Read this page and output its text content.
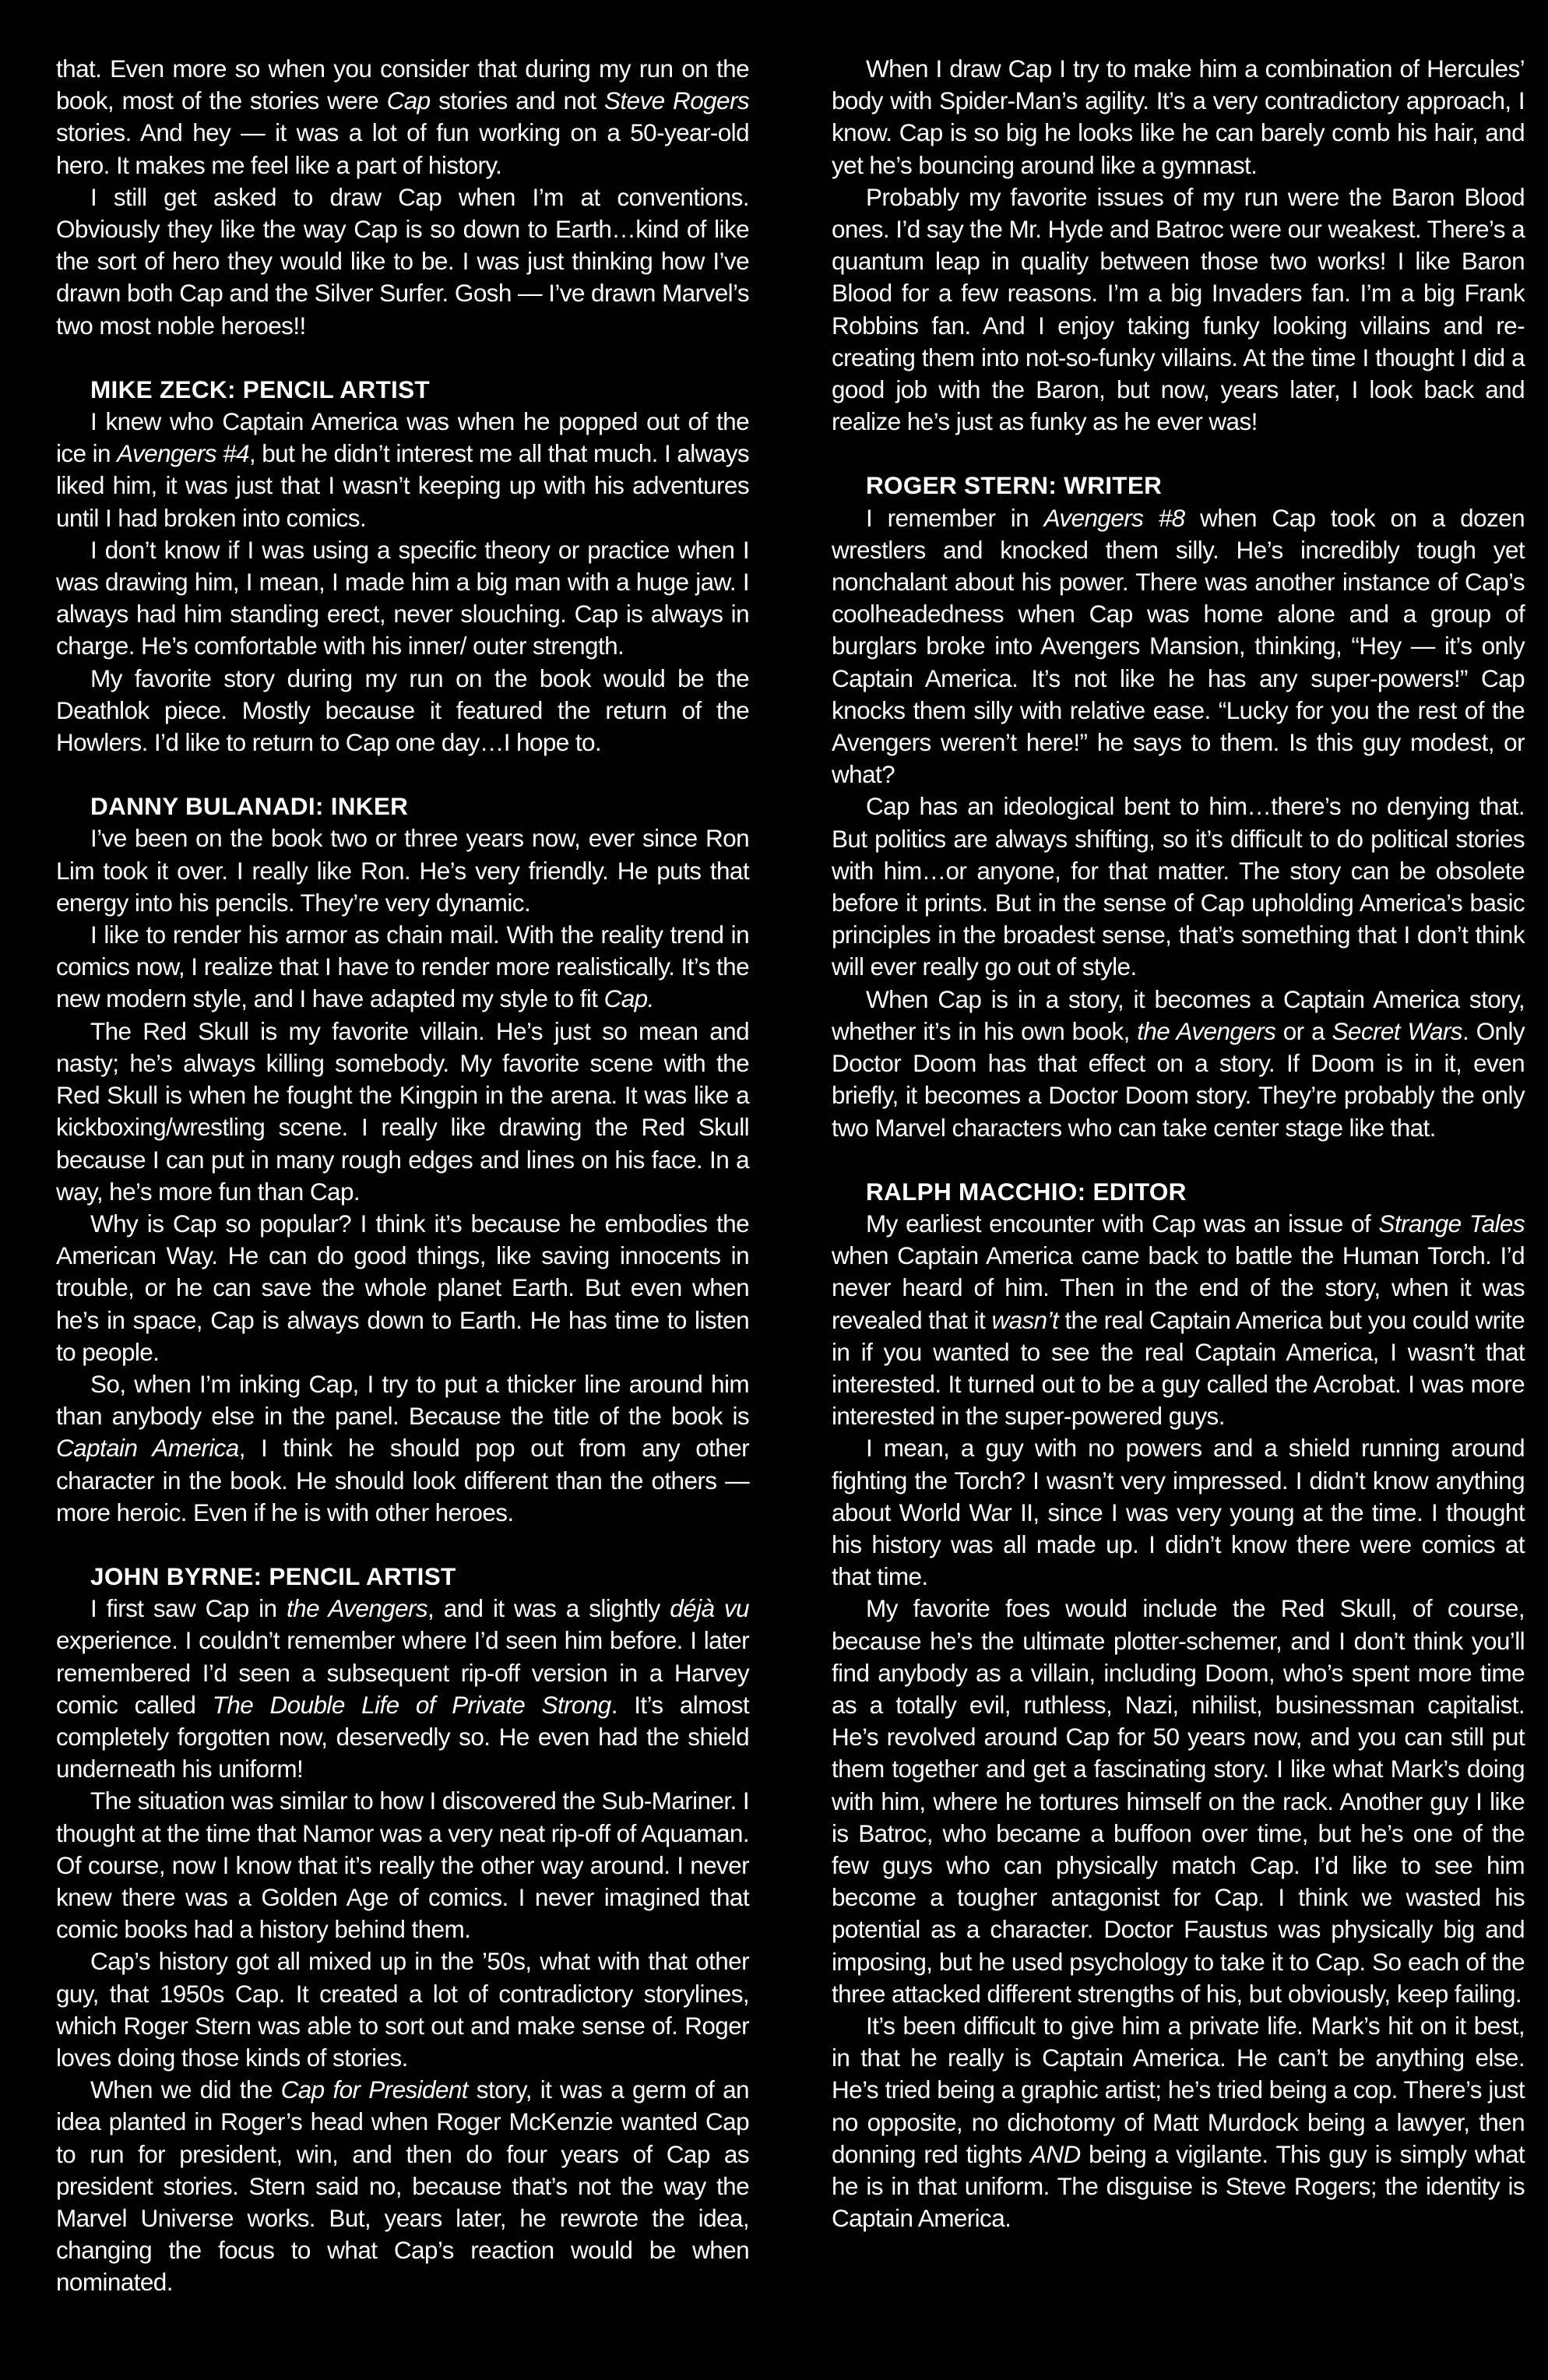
that. Even more so when you consider that during my run on the book, most of the stories were Cap stories and not Steve Rogers stories. And hey — it was a lot of fun working on a 50-year-old hero. It makes me feel like a part of history.

I still get asked to draw Cap when I’m at conventions. Obviously they like the way Cap is so down to Earth…kind of like the sort of hero they would like to be. I was just thinking how I’ve drawn both Cap and the Silver Surfer. Gosh — I’ve drawn Marvel’s two most noble heroes!!

MIKE ZECK: PENCIL ARTIST

I knew who Captain America was when he popped out of the ice in Avengers #4, but he didn’t interest me all that much. I always liked him, it was just that I wasn’t keeping up with his adventures until I had broken into comics.

I don’t know if I was using a specific theory or practice when I was drawing him, I mean, I made him a big man with a huge jaw. I always had him standing erect, never slouching. Cap is always in charge. He’s comfortable with his inner/ outer strength.

My favorite story during my run on the book would be the Deathlok piece. Mostly because it featured the return of the Howlers. I’d like to return to Cap one day…I hope to.

DANNY BULANADI: INKER

I’ve been on the book two or three years now, ever since Ron Lim took it over. I really like Ron. He’s very friendly. He puts that energy into his pencils. They’re very dynamic.

I like to render his armor as chain mail. With the reality trend in comics now, I realize that I have to render more realistically. It’s the new modern style, and I have adapted my style to fit Cap.

The Red Skull is my favorite villain. He’s just so mean and nasty; he’s always killing somebody. My favorite scene with the Red Skull is when he fought the Kingpin in the arena. It was like a kickboxing/wrestling scene. I really like drawing the Red Skull because I can put in many rough edges and lines on his face. In a way, he’s more fun than Cap.

Why is Cap so popular? I think it’s because he embodies the American Way. He can do good things, like saving innocents in trouble, or he can save the whole planet Earth. But even when he’s in space, Cap is always down to Earth. He has time to listen to people.

So, when I’m inking Cap, I try to put a thicker line around him than anybody else in the panel. Because the title of the book is Captain America, I think he should pop out from any other character in the book. He should look different than the others — more heroic. Even if he is with other heroes.

JOHN BYRNE: PENCIL ARTIST

I first saw Cap in the Avengers, and it was a slightly déjà vu experience. I couldn’t remember where I’d seen him before. I later remembered I’d seen a subsequent rip-off version in a Harvey comic called The Double Life of Private Strong. It’s almost completely forgotten now, deservedly so. He even had the shield underneath his uniform!

The situation was similar to how I discovered the Sub-Mariner. I thought at the time that Namor was a very neat rip-off of Aquaman. Of course, now I know that it’s really the other way around. I never knew there was a Golden Age of comics. I never imagined that comic books had a history behind them.

Cap’s history got all mixed up in the ’50s, what with that other guy, that 1950s Cap. It created a lot of contradictory storylines, which Roger Stern was able to sort out and make sense of. Roger loves doing those kinds of stories.

When we did the Cap for President story, it was a germ of an idea planted in Roger’s head when Roger McKenzie wanted Cap to run for president, win, and then do four years of Cap as president stories. Stern said no, because that’s not the way the Marvel Universe works. But, years later, he rewrote the idea, changing the focus to what Cap’s reaction would be when nominated.

When I draw Cap I try to make him a combination of Hercules’ body with Spider-Man’s agility. It’s a very contradictory approach, I know. Cap is so big he looks like he can barely comb his hair, and yet he’s bouncing around like a gymnast.

Probably my favorite issues of my run were the Baron Blood ones. I’d say the Mr. Hyde and Batroc were our weakest. There’s a quantum leap in quality between those two works! I like Baron Blood for a few reasons. I’m a big Invaders fan. I’m a big Frank Robbins fan. And I enjoy taking funky looking villains and re-creating them into not-so-funky villains. At the time I thought I did a good job with the Baron, but now, years later, I look back and realize he’s just as funky as he ever was!

ROGER STERN: WRITER

I remember in Avengers #8 when Cap took on a dozen wrestlers and knocked them silly. He’s incredibly tough yet nonchalant about his power. There was another instance of Cap’s coolheadedness when Cap was home alone and a group of burglars broke into Avengers Mansion, thinking, “Hey — it’s only Captain America. It’s not like he has any super-powers!” Cap knocks them silly with relative ease. “Lucky for you the rest of the Avengers weren’t here!” he says to them. Is this guy modest, or what?

Cap has an ideological bent to him…there’s no denying that. But politics are always shifting, so it’s difficult to do political stories with him…or anyone, for that matter. The story can be obsolete before it prints. But in the sense of Cap upholding America’s basic principles in the broadest sense, that’s something that I don’t think will ever really go out of style.

When Cap is in a story, it becomes a Captain America story, whether it’s in his own book, the Avengers or a Secret Wars. Only Doctor Doom has that effect on a story. If Doom is in it, even briefly, it becomes a Doctor Doom story. They’re probably the only two Marvel characters who can take center stage like that.

RALPH MACCHIO: EDITOR

My earliest encounter with Cap was an issue of Strange Tales when Captain America came back to battle the Human Torch. I’d never heard of him. Then in the end of the story, when it was revealed that it wasn’t the real Captain America but you could write in if you wanted to see the real Captain America, I wasn’t that interested. It turned out to be a guy called the Acrobat. I was more interested in the super-powered guys.

I mean, a guy with no powers and a shield running around fighting the Torch? I wasn’t very impressed. I didn’t know anything about World War II, since I was very young at the time. I thought his history was all made up. I didn’t know there were comics at that time.

My favorite foes would include the Red Skull, of course, because he’s the ultimate plotter-schemer, and I don’t think you’ll find anybody as a villain, including Doom, who’s spent more time as a totally evil, ruthless, Nazi, nihilist, businessman capitalist. He’s revolved around Cap for 50 years now, and you can still put them together and get a fascinating story. I like what Mark’s doing with him, where he tortures himself on the rack. Another guy I like is Batroc, who became a buffoon over time, but he’s one of the few guys who can physically match Cap. I’d like to see him become a tougher antagonist for Cap. I think we wasted his potential as a character. Doctor Faustus was physically big and imposing, but he used psychology to take it to Cap. So each of the three attacked different strengths of his, but obviously, keep failing.

It’s been difficult to give him a private life. Mark’s hit on it best, in that he really is Captain America. He can’t be anything else. He’s tried being a graphic artist; he’s tried being a cop. There’s just no opposite, no dichotomy of Matt Murdock being a lawyer, then donning red tights AND being a vigilante. This guy is simply what he is in that uniform. The disguise is Steve Rogers; the identity is Captain America.
